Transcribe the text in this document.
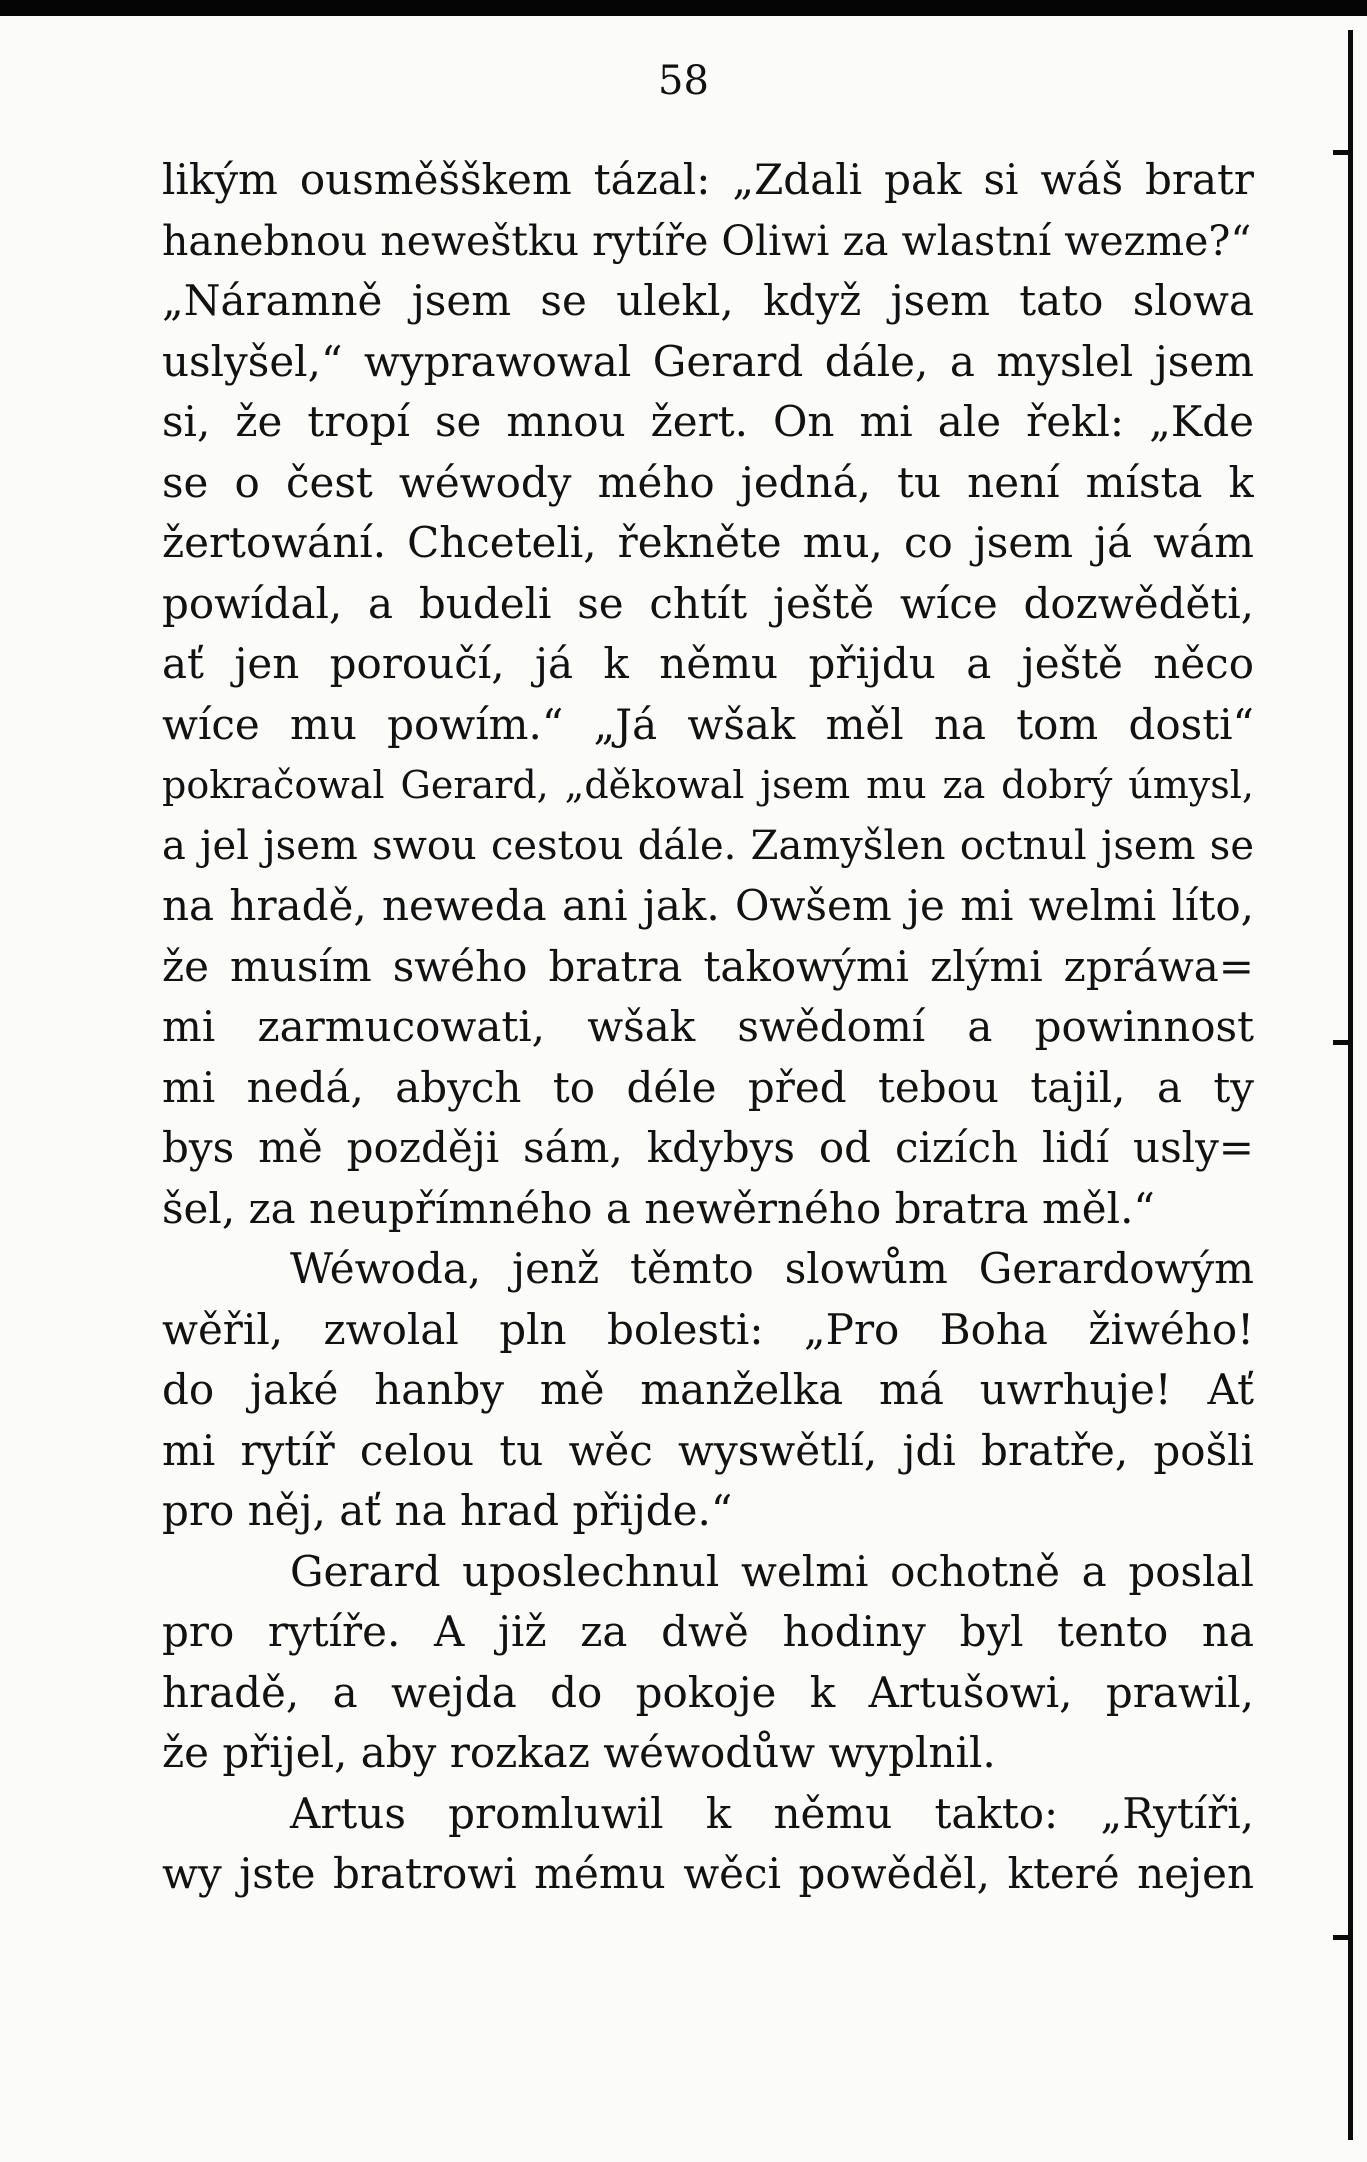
58
likým ousměšškem tázal: „Zdali pak si wáš bratr
hanebnou neweštku rytíře Oliwi za wlastní wezme?“
„Náramně jsem se ulekl, když jsem tato slowa
uslyšel,“ wyprawowal Gerard dále, a myslel jsem
si, že tropí se mnou žert. On mi ale řekl: „Kde
se o čest wéwody mého jedná, tu není místa k
žertowání. Chceteli, řekněte mu, co jsem já wám
powídal, a budeli se chtít ještě wíce dozwěděti,
ať jen poroučí, já k němu přijdu a ještě něco
wíce mu powím.“ „Já wšak měl na tom dosti“
pokračowal Gerard, „děkowal jsem mu za dobrý úmysl,
a jel jsem swou cestou dále. Zamyšlen octnul jsem se
na hradě, neweda ani jak. Owšem je mi welmi líto,
že musím swého bratra takowými zlými zpráwa=
mi zarmucowati, wšak swědomí a powinnost
mi nedá, abych to déle před tebou tajil, a ty
bys mě později sám, kdybys od cizích lidí usly=
šel, za neupřímného a newěrného bratra měl.“
Wéwoda, jenž těmto slowům Gerardowým
wěřil, zwolal pln bolesti: „Pro Boha žiwého!
do jaké hanby mě manželka má uwrhuje! Ať
mi rytíř celou tu wěc wyswětlí, jdi bratře, pošli
pro něj, ať na hrad přijde.“
Gerard uposlechnul welmi ochotně a poslal
pro rytíře. A již za dwě hodiny byl tento na
hradě, a wejda do pokoje k Artušowi, prawil,
že přijel, aby rozkaz wéwodůw wyplnil.
Artus promluwil k němu takto: „Rytíři,
wy jste bratrowi mému wěci powěděl, které nejen
